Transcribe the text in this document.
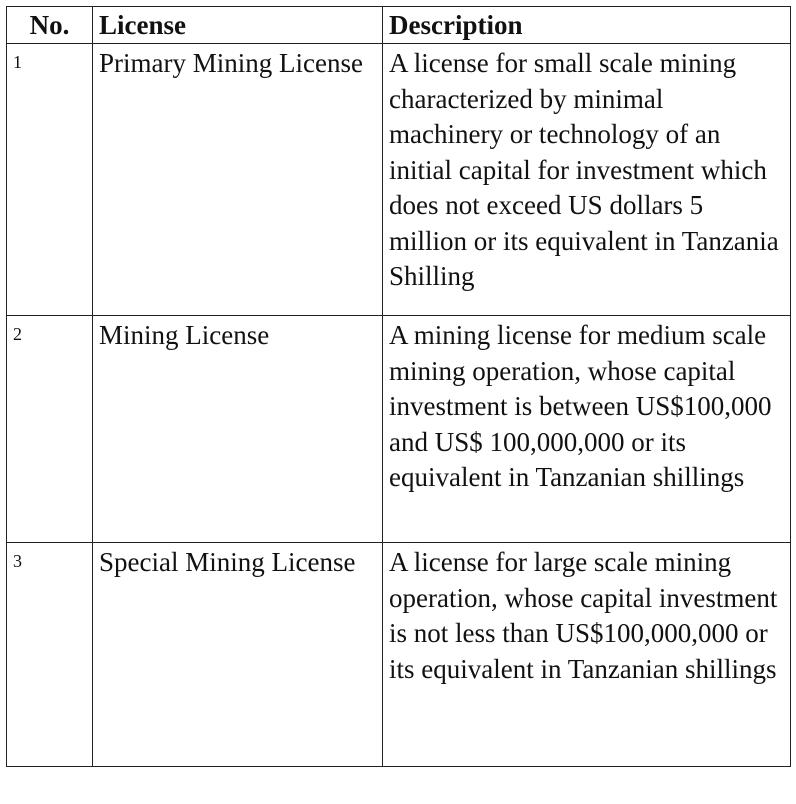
No.	License	Description
1	Primary Mining License	A license for small scale mining characterized by minimal machinery or technology of an initial capital for investment which does not exceed US dollars 5 million or its equivalent in Tanzania Shilling
2	Mining License	A mining license for medium scale mining operation, whose capital investment is between US$100,000 and US$ 100,000,000 or its equivalent in Tanzanian shillings
3	Special Mining License	A license for large scale mining operation, whose capital investment is not less than US$100,000,000 or its equivalent in Tanzanian shillings
